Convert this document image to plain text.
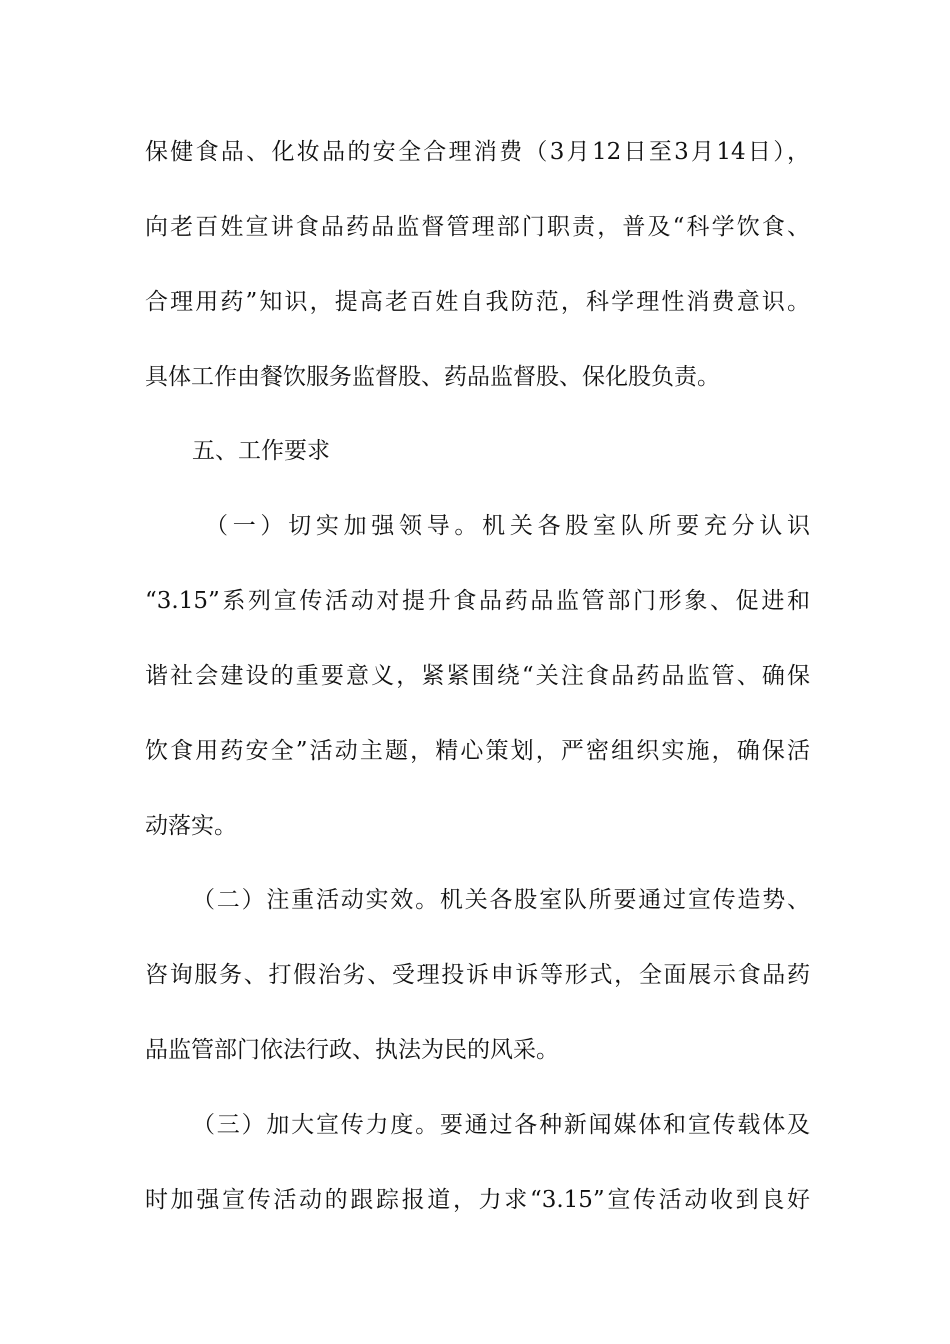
保健食品、化妆品的安全合理消费（3月12日至3月14日），
向老百姓宣讲食品药品监督管理部门职责，普及“科学饮食、
合理用药”知识，提高老百姓自我防范，科学理性消费意识。
具体工作由餐饮服务监督股、药品监督股、保化股负责。
五、工作要求
（一）切实加强领导。机关各股室队所要充分认识
“3.15”系列宣传活动对提升食品药品监管部门形象、促进和
谐社会建设的重要意义，紧紧围绕“关注食品药品监管、确保
饮食用药安全”活动主题，精心策划，严密组织实施，确保活
动落实。
（二）注重活动实效。机关各股室队所要通过宣传造势、
咨询服务、打假治劣、受理投诉申诉等形式，全面展示食品药
品监管部门依法行政、执法为民的风采。
（三）加大宣传力度。要通过各种新闻媒体和宣传载体及
时加强宣传活动的跟踪报道，力求“3.15”宣传活动收到良好
